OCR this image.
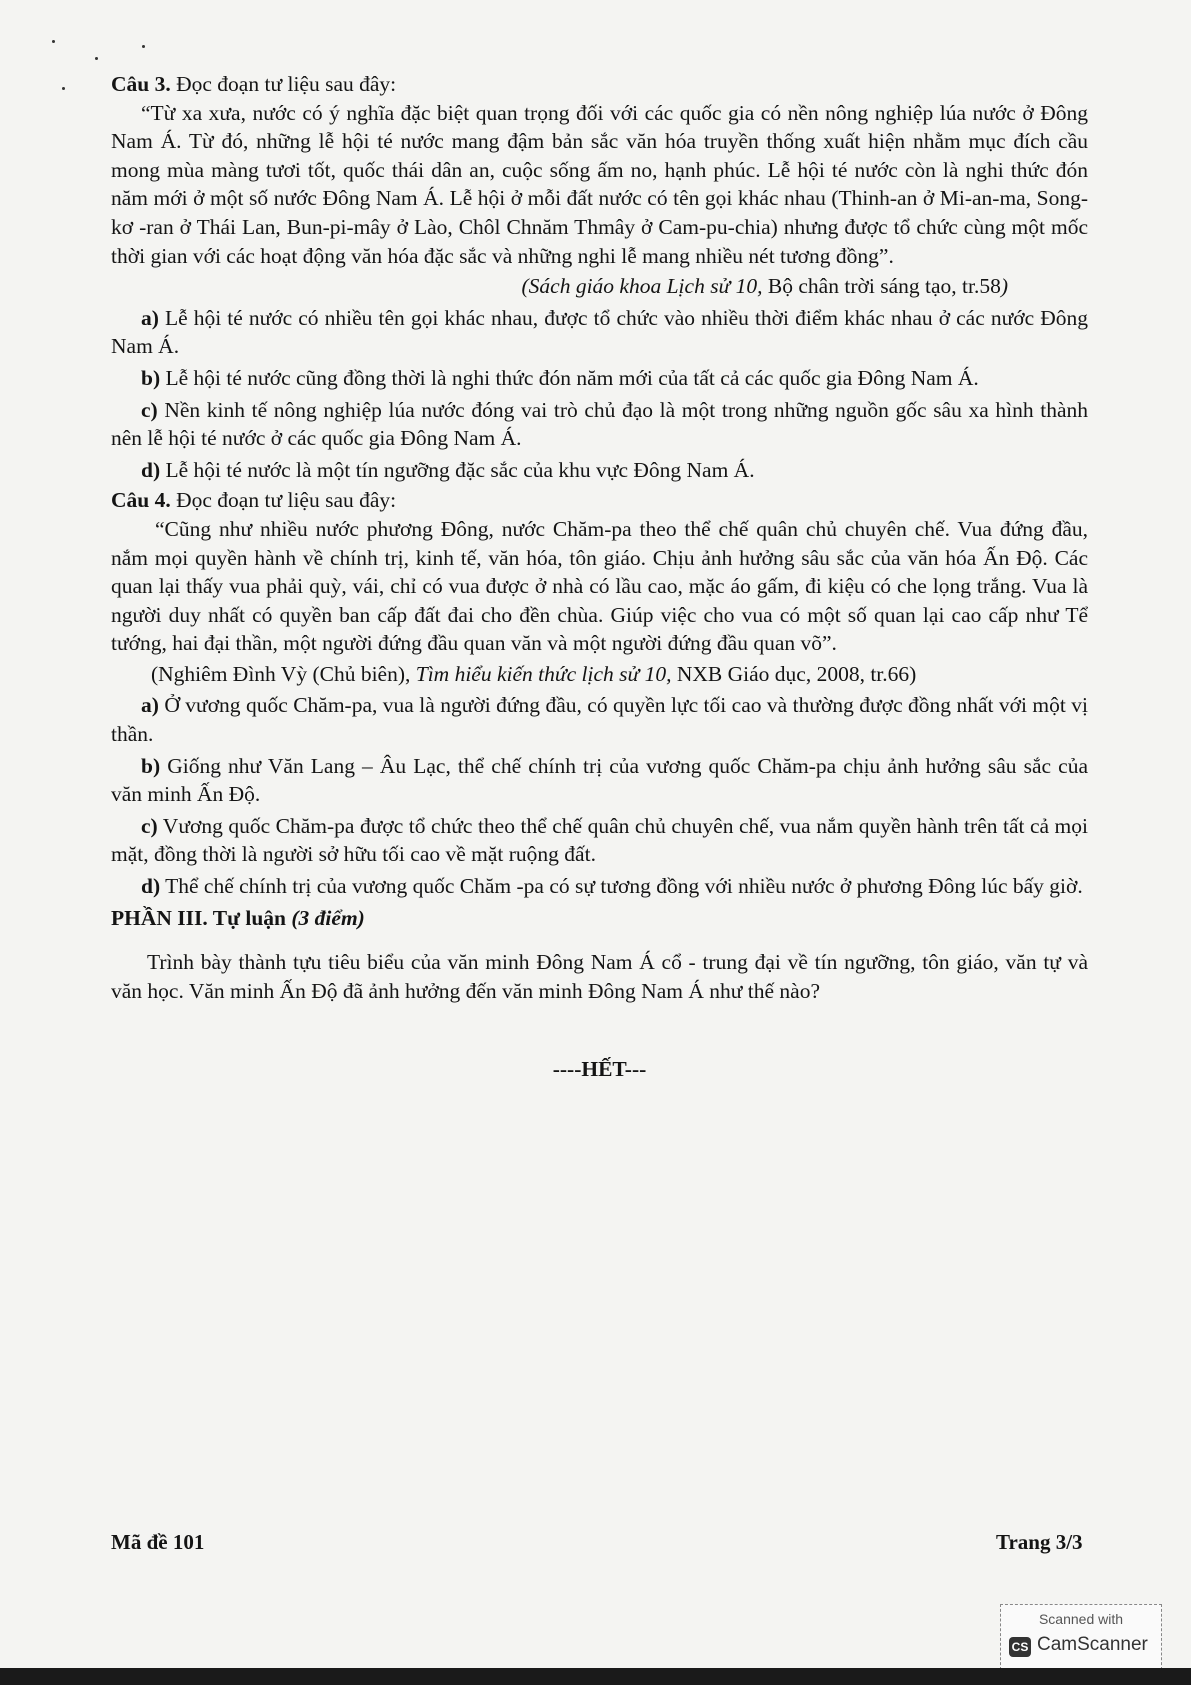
Câu 3. Đọc đoạn tư liệu sau đây:

“Từ xa xưa, nước có ý nghĩa đặc biệt quan trọng đối với các quốc gia có nền nông nghiệp lúa nước ở Đông Nam Á. Từ đó, những lễ hội té nước mang đậm bản sắc văn hóa truyền thống xuất hiện nhằm mục đích cầu mong mùa màng tươi tốt, quốc thái dân an, cuộc sống ấm no, hạnh phúc. Lễ hội té nước còn là nghi thức đón năm mới ở một số nước Đông Nam Á. Lễ hội ở mỗi đất nước có tên gọi khác nhau (Thinh-an ở Mi-an-ma, Song-kơ -ran ở Thái Lan, Bun-pi-mây ở Lào, Chôl Chnăm Thmây ở Cam-pu-chia) nhưng được tổ chức cùng một mốc thời gian với các hoạt động văn hóa đặc sắc và những nghi lễ mang nhiều nét tương đồng”.

(Sách giáo khoa Lịch sử 10, Bộ chân trời sáng tạo, tr.58)

a) Lễ hội té nước có nhiều tên gọi khác nhau, được tổ chức vào nhiều thời điểm khác nhau ở các nước Đông Nam Á.

b) Lễ hội té nước cũng đồng thời là nghi thức đón năm mới của tất cả các quốc gia Đông Nam Á.

c) Nền kinh tế nông nghiệp lúa nước đóng vai trò chủ đạo là một trong những nguồn gốc sâu xa hình thành nên lễ hội té nước ở các quốc gia Đông Nam Á.

d) Lễ hội té nước là một tín ngưỡng đặc sắc của khu vực Đông Nam Á.

Câu 4. Đọc đoạn tư liệu sau đây:

“Cũng như nhiều nước phương Đông, nước Chăm-pa theo thể chế quân chủ chuyên chế. Vua đứng đầu, nắm mọi quyền hành về chính trị, kinh tế, văn hóa, tôn giáo. Chịu ảnh hưởng sâu sắc của văn hóa Ấn Độ. Các quan lại thấy vua phải quỳ, vái, chỉ có vua được ở nhà có lầu cao, mặc áo gấm, đi kiệu có che lọng trắng. Vua là người duy nhất có quyền ban cấp đất đai cho đền chùa. Giúp việc cho vua có một số quan lại cao cấp như Tể tướng, hai đại thần, một người đứng đầu quan văn và một người đứng đầu quan võ”.

(Nghiêm Đình Vỳ (Chủ biên), Tìm hiểu kiến thức lịch sử 10, NXB Giáo dục, 2008, tr.66)

a) Ở vương quốc Chăm-pa, vua là người đứng đầu, có quyền lực tối cao và thường được đồng nhất với một vị thần.

b) Giống như Văn Lang – Âu Lạc, thể chế chính trị của vương quốc Chăm-pa chịu ảnh hưởng sâu sắc của văn minh Ấn Độ.

c) Vương quốc Chăm-pa được tổ chức theo thể chế quân chủ chuyên chế, vua nắm quyền hành trên tất cả mọi mặt, đồng thời là người sở hữu tối cao về mặt ruộng đất.

d) Thể chế chính trị của vương quốc Chăm -pa có sự tương đồng với nhiều nước ở phương Đông lúc bấy giờ.

PHẦN III. Tự luận (3 điểm)

Trình bày thành tựu tiêu biểu của văn minh Đông Nam Á cổ - trung đại về tín ngưỡng, tôn giáo, văn tự và văn học. Văn minh Ấn Độ đã ảnh hưởng đến văn minh Đông Nam Á như thế nào?

----HẾT---

Mã đề 101	Trang 3/3
Scanned with
CS CamScanner
